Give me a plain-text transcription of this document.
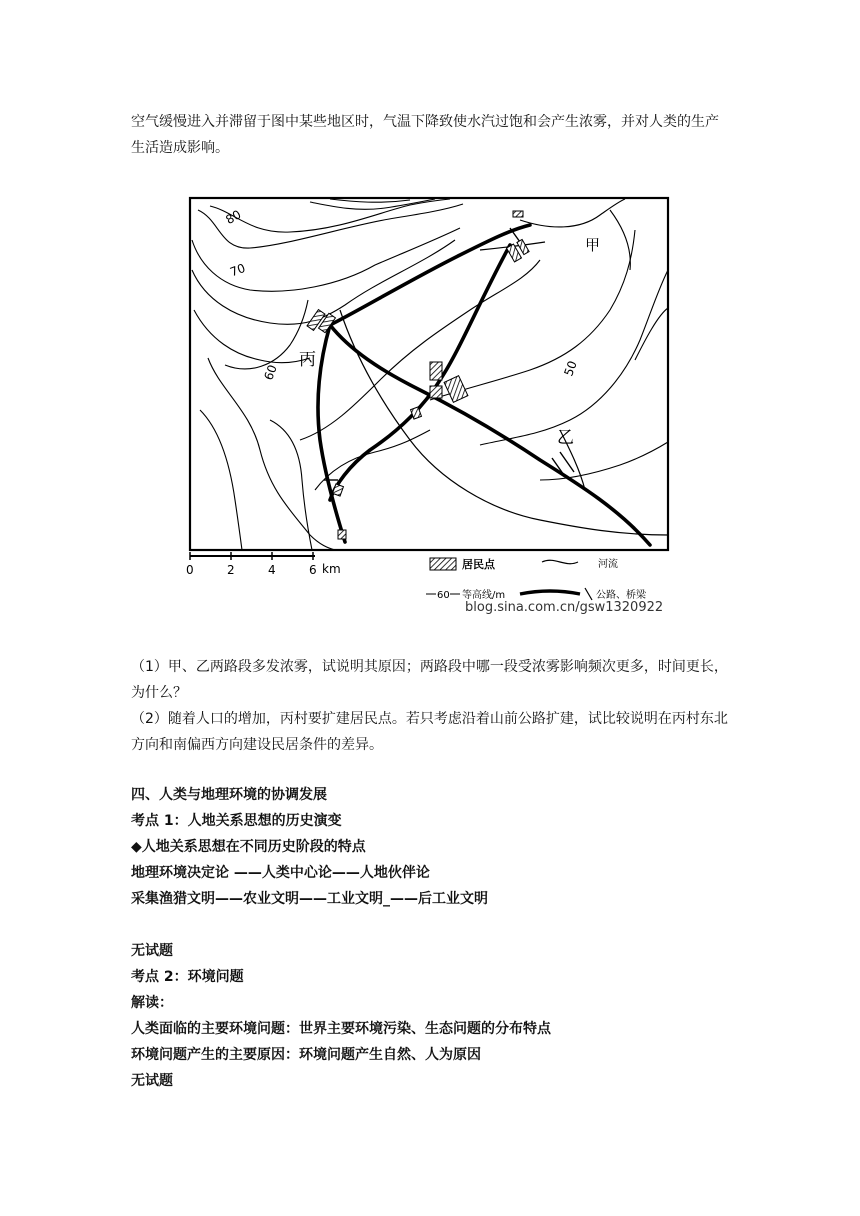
空气缓慢进入并滞留于图中某些地区时，气温下降致使水汽过饱和会产生浓雾，并对人类的生产生活造成影响。

80
70
60	50
甲
乙
丙
0	2	4	6 km	居民点	河流
60 等高线/m	公路、桥梁
blog.sina.com.cn/gsw1320922

（1）甲、乙两路段多发浓雾，试说明其原因；两路段中哪一段受浓雾影响频次更多，时间更长，为什么？

（2）随着人口的增加，丙村要扩建居民点。若只考虑沿着山前公路扩建，试比较说明在丙村东北方向和南偏西方向建设民居条件的差异。

四、人类与地理环境的协调发展

考点 1：人地关系思想的历史演变

◆人地关系思想在不同历史阶段的特点

地理环境决定论 ——人类中心论——人地伙伴论

采集渔猎文明——农业文明——工业文明_——后工业文明

无试题

考点 2：环境问题

解读：

人类面临的主要环境问题：世界主要环境污染、生态问题的分布特点

环境问题产生的主要原因：环境问题产生自然、人为原因

无试题
